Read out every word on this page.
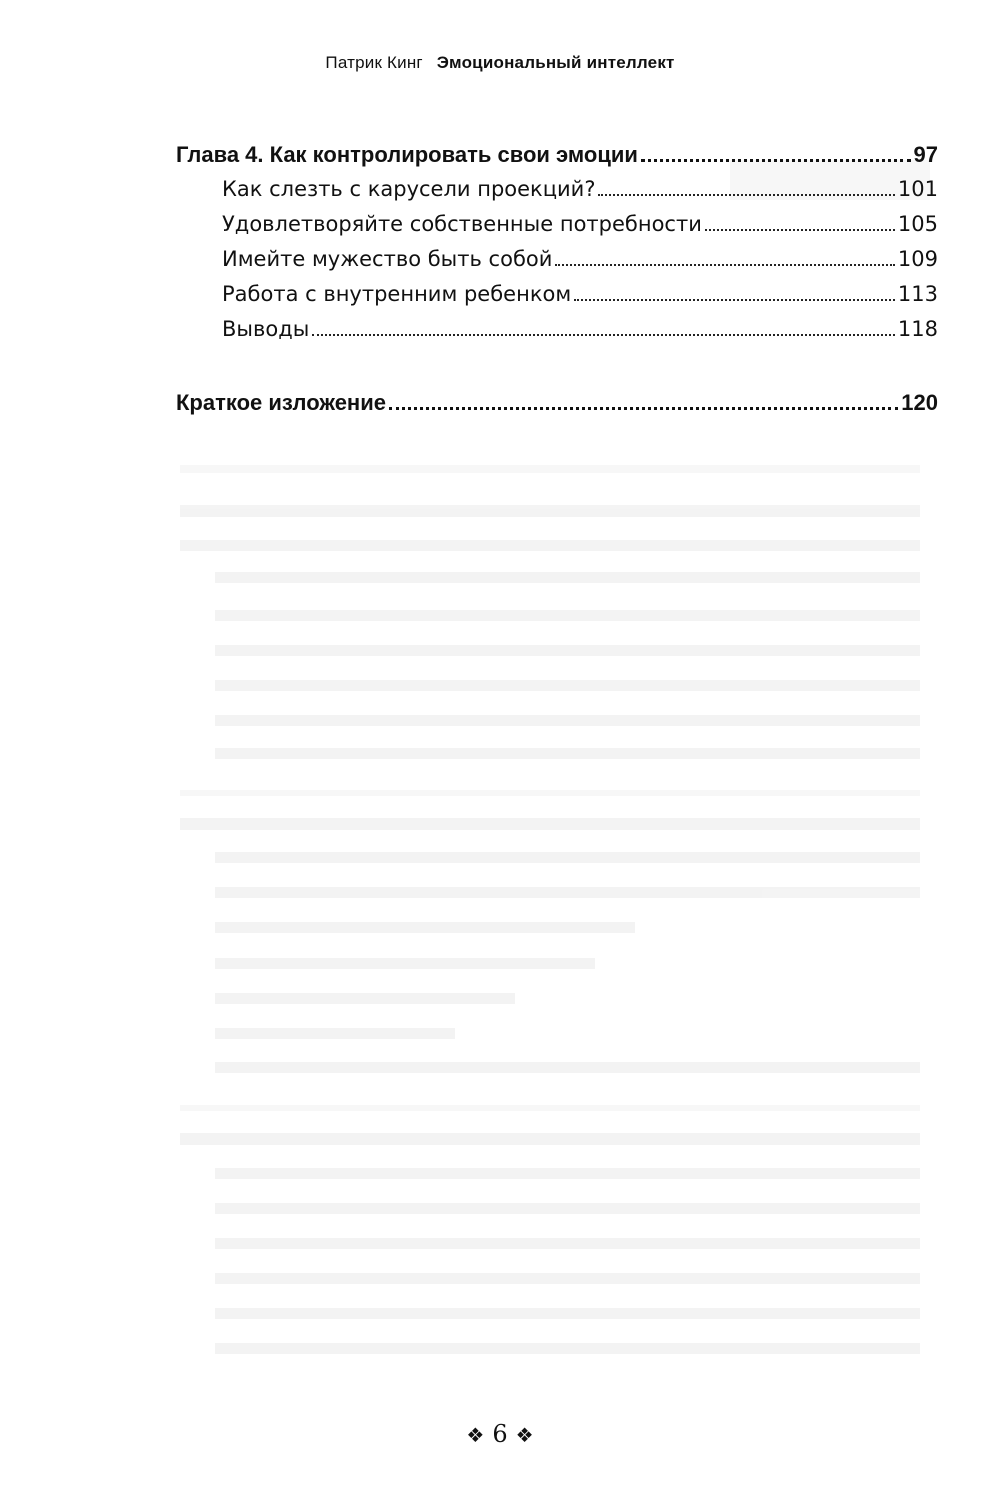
Патрик Кинг Эмоциональный интеллект
Глава 4. Как контролировать свои эмоции	97
Как слезть с карусели проекций?	101
Удовлетворяйте собственные потребности	105
Имейте мужество быть собой	109
Работа с внутренним ребенком	113
Выводы	118
Краткое изложение	120
❖ 6 ❖
